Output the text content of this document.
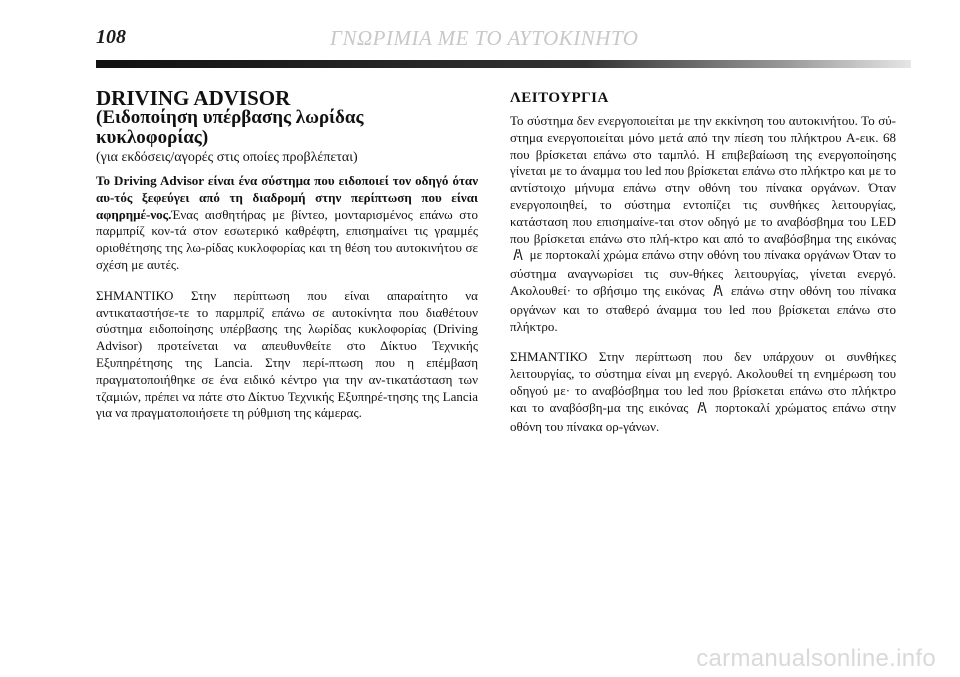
108	ΓΝΩΡΙΜΙΑ ΜΕ ΤΟ ΑΥΤΟΚΙΝΗΤΟ
DRIVING ADVISOR
(Ειδοποίηση υπέρβασης λωρίδας κυκλοφορίας)
(για εκδόσεις/αγορές στις οποίες προβλέπεται)

Το Driving Advisor είναι ένα σύστημα που ειδοποιεί τον οδηγό όταν αυ-τός ξεφεύγει από τη διαδρομή στην περίπτωση που είναι αφηρημέ-νος.Ένας αισθητήρας με βίντεο, μονταρισμένος επάνω στο παρμπρίζ κον-τά στον εσωτερικό καθρέφτη, επισημαίνει τις γραμμές οριοθέτησης της λω-ρίδας κυκλοφορίας και τη θέση του αυτοκινήτου σε σχέση με αυτές.

ΣΗΜΑΝΤΙΚΟ Στην περίπτωση που είναι απαραίτητο να αντικαταστήσε-τε το παρμπρίζ επάνω σε αυτοκίνητα που διαθέτουν σύστημα ειδοποίησης υπέρβασης της λωρίδας κυκλοφορίας (Driving Advisor) προτείνεται να απευθυνθείτε στο Δίκτυο Τεχνικής Εξυπηρέτησης της Lancia. Στην περί-πτωση που η επέμβαση πραγματοποιήθηκε σε ένα ειδικό κέντρο για την αν-τικατάσταση των τζαμιών, πρέπει να πάτε στο Δίκτυο Τεχνικής Εξυπηρέ-τησης της Lancia για να πραγματοποιήσετε τη ρύθμιση της κάμερας.

ΛΕΙΤΟΥΡΓΙΑ

Το σύστημα δεν ενεργοποιείται με την εκκίνηση του αυτοκινήτου. Το σύ-στημα ενεργοποιείται μόνο μετά από την πίεση του πλήκτρου A-εικ. 68 που βρίσκεται επάνω στο ταμπλό. Η επιβεβαίωση της ενεργοποίησης γίνεται με το άναμμα του led που βρίσκεται επάνω στο πλήκτρο και με το αντίστοιχο μήνυμα επάνω στην οθόνη του πίνακα οργάνων. Όταν ενεργοποιηθεί, το σύστημα εντοπίζει τις συνθήκες λειτουργίας, κατάσταση που επισημαίνε-ται στον οδηγό με το αναβόσβημα του LED που βρίσκεται επάνω στο πλή-κτρο και από το αναβόσβημα της εικόνας  με πορτοκαλί χρώμα επάνω στην οθόνη του πίνακα οργάνων Όταν το σύστημα αναγνωρίσει τις συν-θήκες λειτουργίας, γίνεται ενεργό. Ακολουθεί· το σβήσιμο της εικόνας επάνω στην οθόνη του πίνακα οργάνων και το σταθερό άναμμα του led που βρίσκεται επάνω στο πλήκτρο.

ΣΗΜΑΝΤΙΚΟ Στην περίπτωση που δεν υπάρχουν οι συνθήκες λειτουργίας, το σύστημα είναι μη ενεργό. Ακολουθεί τη ενημέρωση του οδηγού με· το αναβόσβημα του led που βρίσκεται επάνω στο πλήκτρο και το αναβόσβη-μα της εικόνας πορτοκαλί χρώματος επάνω στην οθόνη του πίνακα ορ-γάνων.

carmanualsonline.info
